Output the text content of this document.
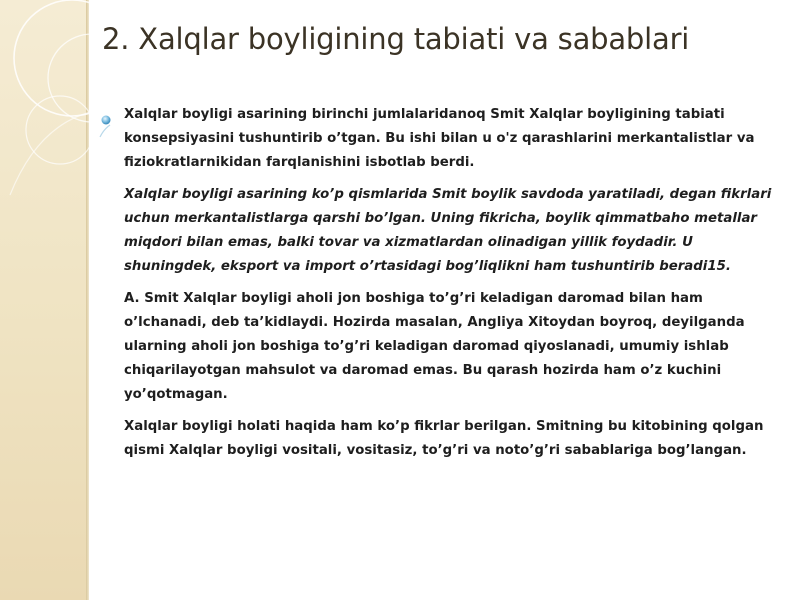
2. Xalqlar boyligining tabiati va sabablari

Xalqlar boyligi asarining birinchi jumlalaridanoq Smit Xalqlar boyligining tabiati konsepsiyasini tushuntirib o’tgan. Bu ishi bilan u o'z qarashlarini merkantalistlar va fiziokratlarnikidan farqlanishini isbotlab berdi.

Xalqlar boyligi asarining ko’p qismlarida Smit boylik savdoda yaratiladi, degan fikrlari uchun merkantalistlarga qarshi bo’lgan. Uning fikricha, boylik qimmatbaho metallar miqdori bilan emas, balki tovar va xizmatlardan olinadigan yillik foydadir. U shuningdek, eksport va import o’rtasidagi bog’liqlikni ham tushuntirib beradi15.

A. Smit Xalqlar boyligi aholi jon boshiga to’g’ri keladigan daromad bilan ham o’lchanadi, deb ta’kidlaydi. Hozirda masalan, Angliya Xitoydan boyroq, deyilganda ularning aholi jon boshiga to’g’ri keladigan daromad qiyoslanadi, umumiy ishlab chiqarilayotgan mahsulot va daromad emas. Bu qarash hozirda ham o’z kuchini yo’qotmagan.

Xalqlar boyligi holati haqida ham ko’p fikrlar berilgan. Smitning bu kitobining qolgan qismi Xalqlar boyligi vositali, vositasiz, to’g’ri va noto’g’ri sabablariga bog’langan.
